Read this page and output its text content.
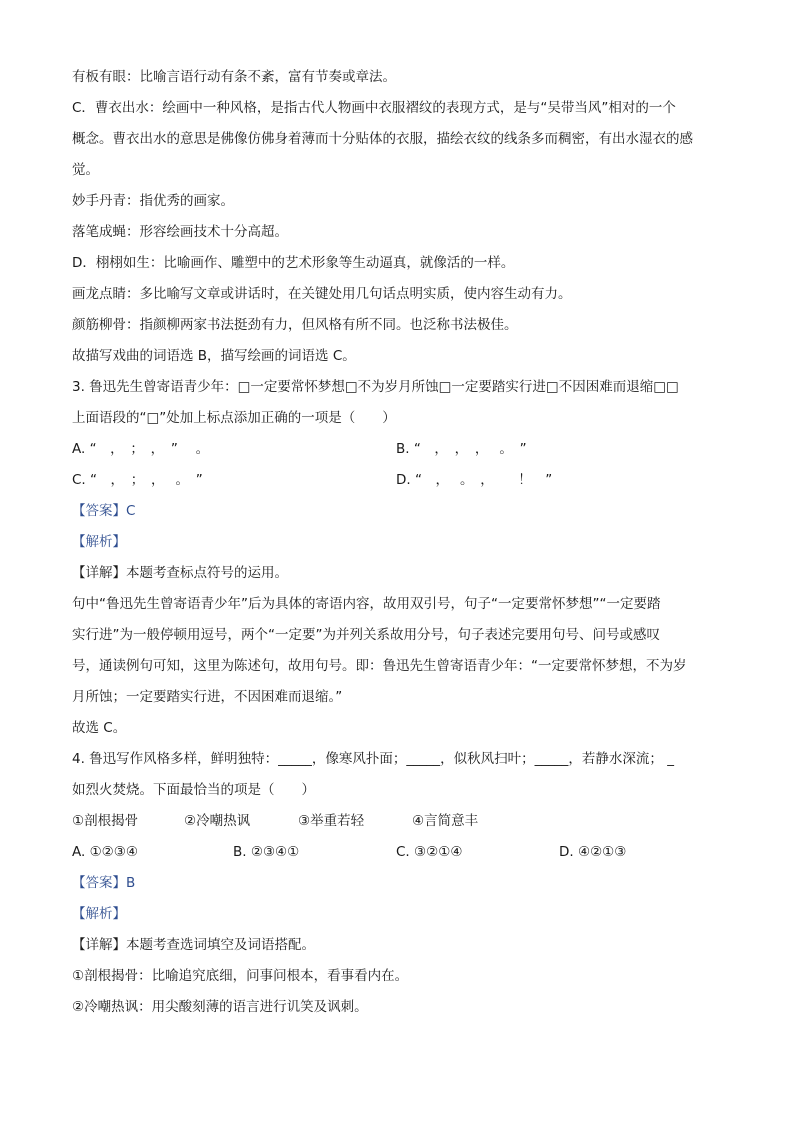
有板有眼：比喻言语行动有条不紊，富有节奏或章法。
C．曹衣出水：绘画中一种风格，是指古代人物画中衣服褶纹的表现方式，是与“吴带当风”相对的一个
概念。曹衣出水的意思是佛像仿佛身着薄而十分贴体的衣服，描绘衣纹的线条多而稠密，有出水湿衣的感
觉。
妙手丹青：指优秀的画家。
落笔成蝇：形容绘画技术十分高超。
D．栩栩如生：比喻画作、雕塑中的艺术形象等生动逼真，就像活的一样。
画龙点睛：多比喻写文章或讲话时，在关键处用几句话点明实质，使内容生动有力。
颜筋柳骨：指颜柳两家书法挺劲有力，但风格有所不同。也泛称书法极佳。
故描写戏曲的词语选 B，描写绘画的词语选 C。
3. 鲁迅先生曾寄语青少年：□一定要常怀梦想□不为岁月所蚀□一定要踏实行进□不因困难而退缩□□
上面语段的“□”处加上标点添加正确的一项是（　　）
A. “　，　；　，　”　 。	B. “　，　，　，　 。　”
C. “　，　；　，　 。　”	D. “　，　 。　，　　 ！　”
【答案】C
【解析】
【详解】本题考查标点符号的运用。
句中“鲁迅先生曾寄语青少年”后为具体的寄语内容，故用双引号，句子“一定要常怀梦想”“一定要踏
实行进”为一般停顿用逗号，两个“一定要”为并列关系故用分号，句子表述完要用句号、问号或感叹
号，通读例句可知，这里为陈述句，故用句号。即：鲁迅先生曾寄语青少年：“一定要常怀梦想，不为岁
月所蚀；一定要踏实行进，不因困难而退缩。”
故选 C。
4. 鲁迅写作风格多样，鲜明独特：_____，像寒风扑面；_____，似秋风扫叶；_____，若静水深流； _
如烈火焚烧。下面最恰当的项是（　　）
①剖根揭骨	②冷嘲热讽	③举重若轻	④言简意丰
A. ①②③④	B. ②③④①	C. ③②①④	D. ④②①③
【答案】B
【解析】
【详解】本题考查选词填空及词语搭配。
①剖根揭骨：比喻追究底细，问事问根本，看事看内在。
②冷嘲热讽：用尖酸刻薄的语言进行讥笑及讽刺。
